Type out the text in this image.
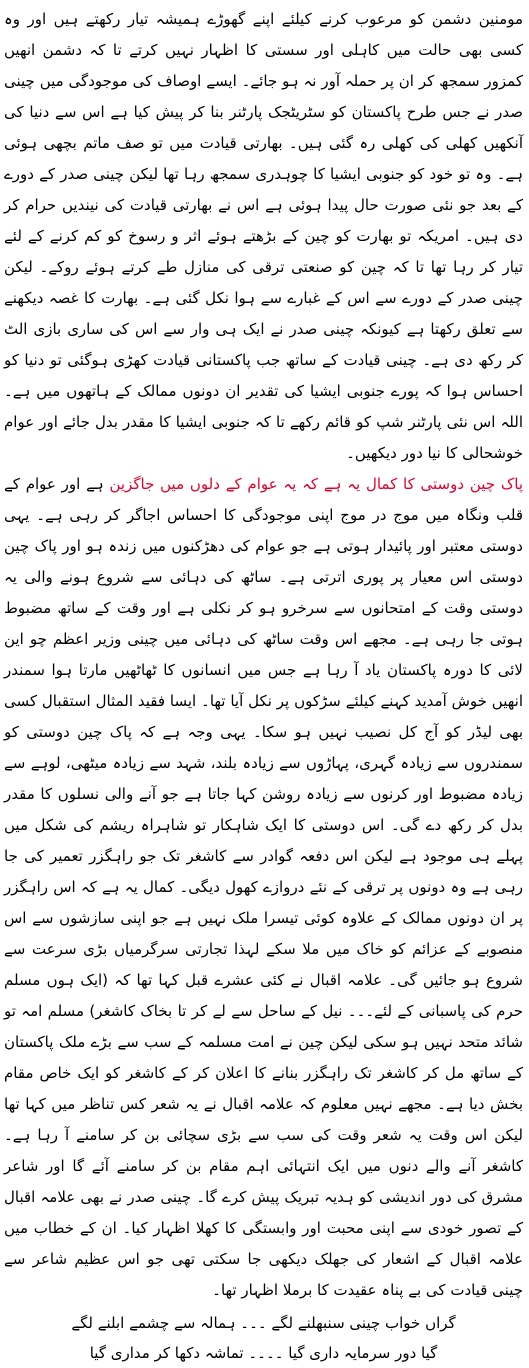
مومنین دشمن کو مرعوب کرنے کیلئے اپنے گھوڑے ہمیشہ تیار رکھتے ہیں اور وہ کسی بھی حالت میں کاہلی اور سستی کا اظہار نہیں کرتے تا کہ دشمن انھیں کمزور سمجھ کر ان پر حملہ آور نہ ہو جائے۔ ایسے اوصاف کی موجودگی میں چینی صدر نے جس طرح پاکستان کو سٹریٹجک پارٹنر بنا کر پیش کیا ہے اس سے دنیا کی آنکھیں کھلی کی کھلی رہ گئی ہیں۔ بھارتی قیادت میں تو صف ماتم بچھی ہوئی ہے۔ وہ تو خود کو جنوبی ایشیا کا چوہدری سمجھ رہا تھا لیکن چینی صدر کے دورے کے بعد جو نئی صورت حال پیدا ہوئی ہے اس نے بھارتی قیادت کی نیندیں حرام کر دی ہیں۔ امریکہ تو بھارت کو چین کے بڑھتے ہوئے اثر و رسوخ کو کم کرنے کے لئے تیار کر رہا تھا تا کہ چین کو صنعتی ترقی کی منازل طے کرتے ہوئے روکے۔ لیکن چینی صدر کے دورے سے اس کے غبارے سے ہوا نکل گئی ہے۔ بھارت کا غصہ دیکھنے سے تعلق رکھتا ہے کیونکہ چینی صدر نے ایک ہی وار سے اس کی ساری بازی الٹ کر رکھ دی ہے۔ چینی قیادت کے ساتھ جب پاکستانی قیادت کھڑی ہوگئی تو دنیا کو احساس ہوا کہ پورے جنوبی ایشیا کی تقدیر ان دونوں ممالک کے ہاتھوں میں ہے۔ اللہ اس نئی پارٹنر شپ کو قائم رکھے تا کہ جنوبی ایشیا کا مقدر بدل جائے اور عوام خوشحالی کا نیا دور دیکھیں۔

پاک چین دوستی کا کمال یہ ہے کہ یہ عوام کے دلوں میں جاگزین ہے اور عوام کے قلب ونگاہ میں موج در موج اپنی موجودگی کا احساس اجاگر کر رہی ہے۔ یہی دوستی معتبر اور پائیدار ہوتی ہے جو عوام کی دھڑکنوں میں زندہ ہو اور پاک چین دوستی اس معیار پر پوری اترتی ہے۔ ساٹھ کی دہائی سے شروع ہونے والی یہ دوستی وقت کے امتحانوں سے سرخرو ہو کر نکلی ہے اور وقت کے ساتھ مضبوط ہوتی جا رہی ہے۔ مجھے اس وقت ساٹھ کی دہائی میں چینی وزیر اعظم چو این لائی کا دورہ پاکستان یاد آ رہا ہے جس میں انسانوں کا ٹھاٹھیں مارتا ہوا سمندر انھیں خوش آمدید کہنے کیلئے سڑکوں پر نکل آیا تھا۔ ایسا فقید المثال استقبال کسی بھی لیڈر کو آج کل نصیب نہیں ہو سکا۔ یہی وجہ ہے کہ پاک چین دوستی کو سمندروں سے زیادہ گہری، پہاڑوں سے زیادہ بلند، شہد سے زیادہ میٹھی، لوہے سے زیادہ مضبوط اور کرنوں سے زیادہ روشن کہا جاتا ہے جو آنے والی نسلوں کا مقدر بدل کر رکھ دے گی۔ اس دوستی کا ایک شاہکار تو شاہراہ ریشم کی شکل میں پہلے ہی موجود ہے لیکن اس دفعہ گوادر سے کاشغر تک جو راہگزر تعمیر کی جا رہی ہے وہ دونوں پر ترقی کے نئے دروازے کھول دیگی۔ کمال یہ ہے کہ اس راہگزر پر ان دونوں ممالک کے علاوہ کوئی تیسرا ملک نہیں ہے جو اپنی سازشوں سے اس منصوبے کے عزائم کو خاک میں ملا سکے لہذا تجارتی سرگرمیاں بڑی سرعت سے شروع ہو جائیں گی۔ علامہ اقبال نے کئی عشرے قبل کہا تھا کہ (ایک ہوں مسلم حرم کی پاسبانی کے لئے۔۔۔ نیل کے ساحل سے لے کر تا بخاک کاشغر) مسلم امہ تو شائد متحد نہیں ہو سکی لیکن چین نے امت مسلمہ کے سب سے بڑے ملک پاکستان کے ساتھ مل کر کاشغر تک راہگزر بنانے کا اعلان کر کے کاشغر کو ایک خاص مقام بخش دیا ہے۔ مجھے نہیں معلوم کہ علامہ اقبال نے یہ شعر کس تناظر میں کہا تھا لیکن اس وقت یہ شعر وقت کی سب سے بڑی سچائی بن کر سامنے آ رہا ہے۔ کاشغر آنے والے دنوں میں ایک انتہائی اہم مقام بن کر سامنے آئے گا اور شاعر مشرق کی دور اندیشی کو ہدیہ تبریک پیش کرے گا۔ چینی صدر نے بھی علامہ اقبال کے تصور خودی سے اپنی محبت اور وابستگی کا کھلا اظہار کیا۔ ان کے خطاب میں علامہ اقبال کے اشعار کی جھلک دیکھی جا سکتی تھی جو اس عظیم شاعر سے چینی قیادت کی بے پناہ عقیدت کا برملا اظہار تھا۔

گراں خواب چینی سنبھلنے لگے ۔۔۔ ہمالہ سے چشمے ابلنے لگے
گیا دور سرمایہ داری گیا ۔۔۔۔ تماشہ دکھا کر مداری گیا
